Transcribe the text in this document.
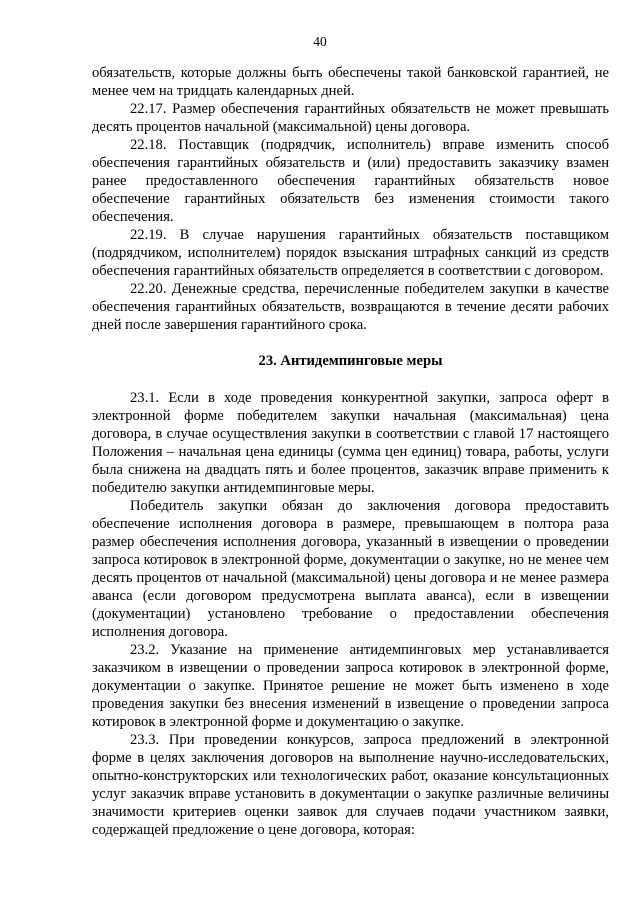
40

обязательств, которые должны быть обеспечены такой банковской гарантией, не менее чем на тридцать календарных дней.

22.17. Размер обеспечения гарантийных обязательств не может превышать десять процентов начальной (максимальной) цены договора.

22.18. Поставщик (подрядчик, исполнитель) вправе изменить способ обеспечения гарантийных обязательств и (или) предоставить заказчику взамен ранее предоставленного обеспечения гарантийных обязательств новое обеспечение гарантийных обязательств без изменения стоимости такого обеспечения.

22.19. В случае нарушения гарантийных обязательств поставщиком (подрядчиком, исполнителем) порядок взыскания штрафных санкций из средств обеспечения гарантийных обязательств определяется в соответствии с договором.

22.20. Денежные средства, перечисленные победителем закупки в качестве обеспечения гарантийных обязательств, возвращаются в течение десяти рабочих дней после завершения гарантийного срока.

23. Антидемпинговые меры

23.1. Если в ходе проведения конкурентной закупки, запроса оферт в электронной форме победителем закупки начальная (максимальная) цена договора, в случае осуществления закупки в соответствии с главой 17 настоящего Положения – начальная цена единицы (сумма цен единиц) товара, работы, услуги была снижена на двадцать пять и более процентов, заказчик вправе применить к победителю закупки антидемпинговые меры.

Победитель закупки обязан до заключения договора предоставить обеспечение исполнения договора в размере, превышающем в полтора раза размер обеспечения исполнения договора, указанный в извещении о проведении запроса котировок в электронной форме, документации о закупке, но не менее чем десять процентов от начальной (максимальной) цены договора и не менее размера аванса (если договором предусмотрена выплата аванса), если в извещении (документации) установлено требование о предоставлении обеспечения исполнения договора.

23.2. Указание на применение антидемпинговых мер устанавливается заказчиком в извещении о проведении запроса котировок в электронной форме, документации о закупке. Принятое решение не может быть изменено в ходе проведения закупки без внесения изменений в извещение о проведении запроса котировок в электронной форме и документацию о закупке.

23.3. При проведении конкурсов, запроса предложений в электронной форме в целях заключения договоров на выполнение научно-исследовательских, опытно-конструкторских или технологических работ, оказание консультационных услуг заказчик вправе установить в документации о закупке различные величины значимости критериев оценки заявок для случаев подачи участником заявки, содержащей предложение о цене договора, которая:
